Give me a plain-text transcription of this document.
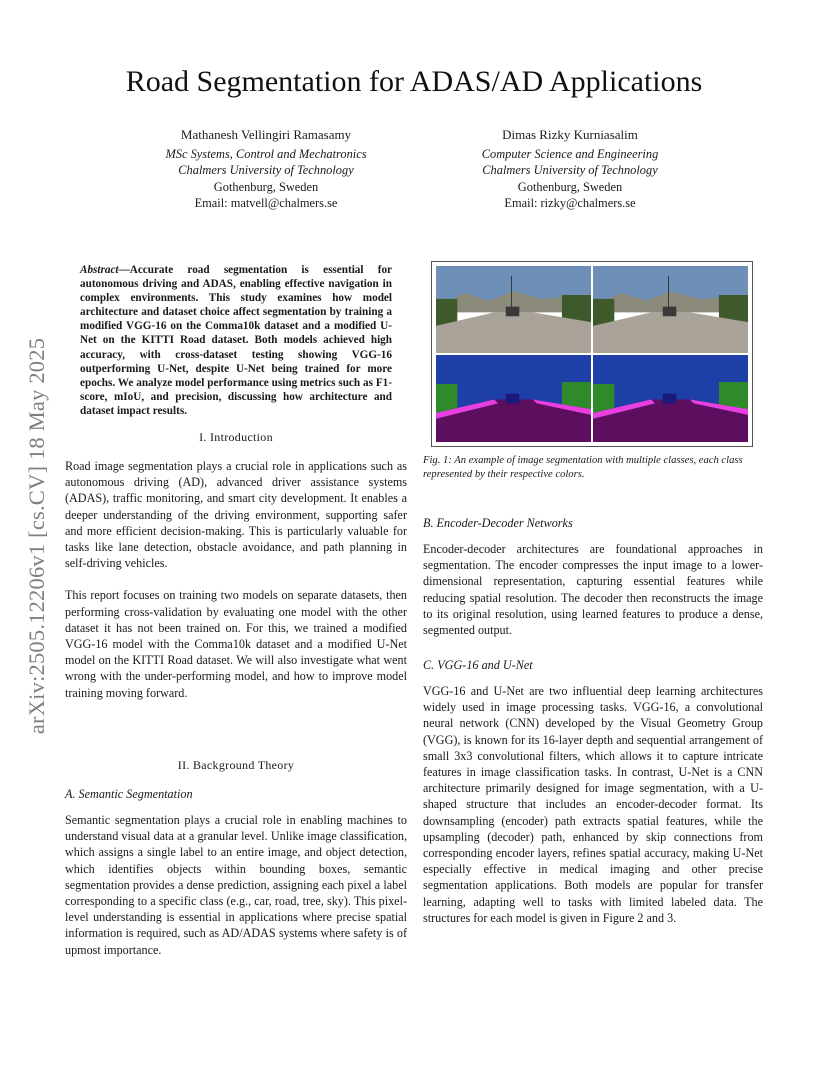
arXiv:2505.12206v1 [cs.CV] 18 May 2025
Road Segmentation for ADAS/AD Applications
Mathanesh Vellingiri Ramasamy
MSc Systems, Control and Mechatronics
Chalmers University of Technology
Gothenburg, Sweden
Email: matvell@chalmers.se
Dimas Rizky Kurniasalim
Computer Science and Engineering
Chalmers University of Technology
Gothenburg, Sweden
Email: rizky@chalmers.se
Abstract—Accurate road segmentation is essential for autonomous driving and ADAS, enabling effective navigation in complex environments. This study examines how model architecture and dataset choice affect segmentation by training a modified VGG-16 on the Comma10k dataset and a modified U-Net on the KITTI Road dataset. Both models achieved high accuracy, with cross-dataset testing showing VGG-16 outperforming U-Net, despite U-Net being trained for more epochs. We analyze model performance using metrics such as F1-score, mIoU, and precision, discussing how architecture and dataset impact results.
I. Introduction

Road image segmentation plays a crucial role in applications such as autonomous driving (AD), advanced driver assistance systems (ADAS), traffic monitoring, and smart city development. It enables a deeper understanding of the driving environment, supporting safer and more efficient decision-making. This is particularly valuable for tasks like lane detection, obstacle avoidance, and path planning in self-driving vehicles.

This report focuses on training two models on separate datasets, then performing cross-validation by evaluating one model with the other dataset it has not been trained on. For this, we trained a modified VGG-16 model with the Comma10k dataset and a modified U-Net model on the KITTI Road dataset. We will also investigate what went wrong with the under-performing model, and how to improve model training moving forward.

II. Background Theory
A. Semantic Segmentation

Semantic segmentation plays a crucial role in enabling machines to understand visual data at a granular level. Unlike image classification, which assigns a single label to an entire image, and object detection, which identifies objects within bounding boxes, semantic segmentation provides a dense prediction, assigning each pixel a label corresponding to a specific class (e.g., car, road, tree, sky). This pixel-level understanding is essential in applications where precise spatial information is required, such as AD/ADAS systems where safety is of upmost importance.

Fig. 1: An example of image segmentation with multiple classes, each class represented by their respective colors.
B. Encoder-Decoder Networks

Encoder-decoder architectures are foundational approaches in segmentation. The encoder compresses the input image to a lower-dimensional representation, capturing essential features while reducing spatial resolution. The decoder then reconstructs the image to its original resolution, using learned features to produce a dense, segmented output.

C. VGG-16 and U-Net

VGG-16 and U-Net are two influential deep learning architectures widely used in image processing tasks. VGG-16, a convolutional neural network (CNN) developed by the Visual Geometry Group (VGG), is known for its 16-layer depth and sequential arrangement of small 3x3 convolutional filters, which allows it to capture intricate features in image classification tasks. In contrast, U-Net is a CNN architecture primarily designed for image segmentation, with a U-shaped structure that includes an encoder-decoder format. Its downsampling (encoder) path extracts spatial features, while the upsampling (decoder) path, enhanced by skip connections from corresponding encoder layers, refines spatial accuracy, making U-Net especially effective in medical imaging and other precise segmentation applications. Both models are popular for transfer learning, adapting well to tasks with limited labeled data. The structures for each model is given in Figure 2 and 3.
